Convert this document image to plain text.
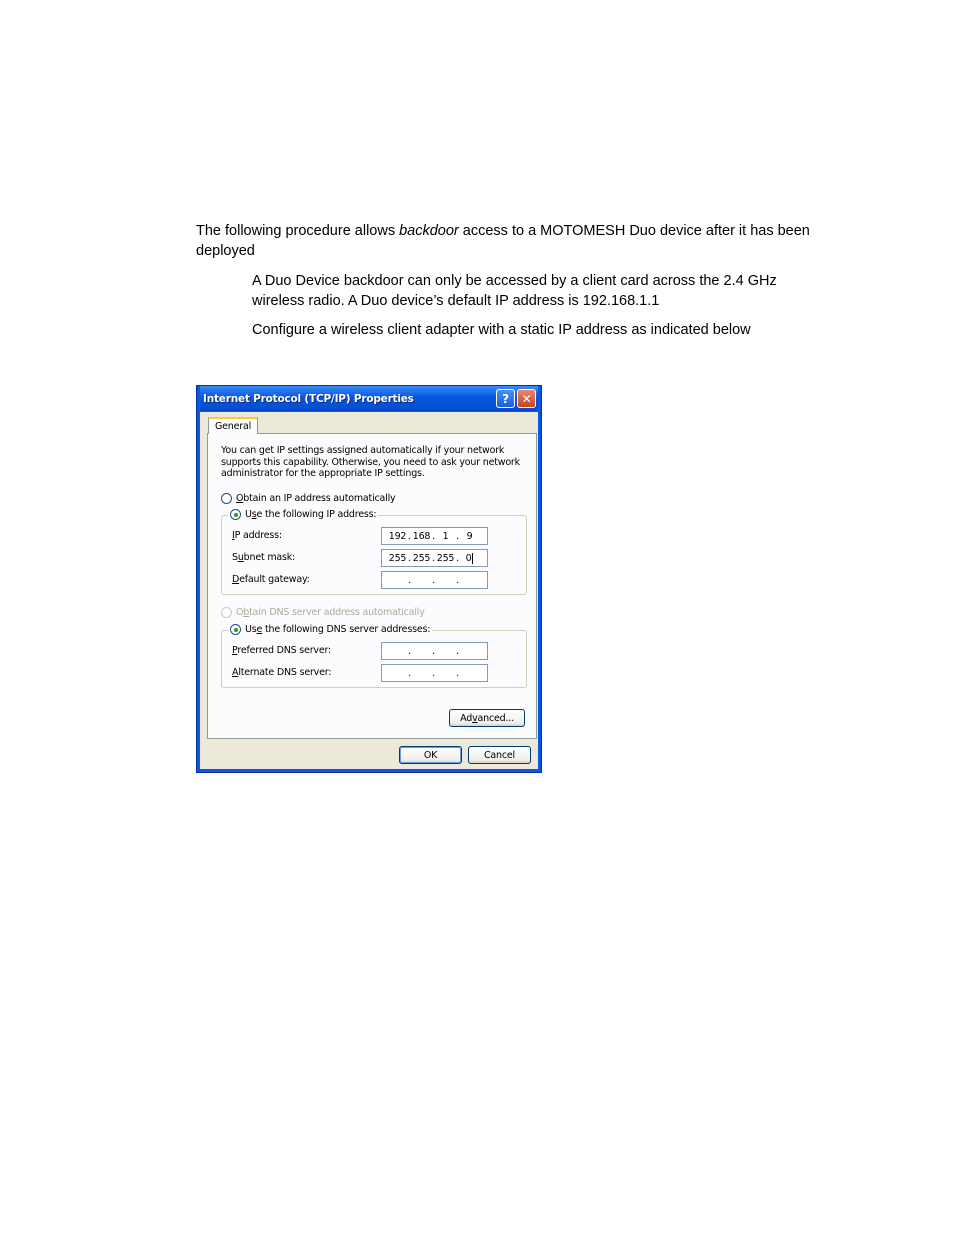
The following procedure allows backdoor access to a MOTOMESH Duo device after it has been deployed

A Duo Device backdoor can only be accessed by a client card across the 2.4 GHz wireless radio. A Duo device’s default IP address is 192.168.1.1

Configure a wireless client adapter with a static IP address as indicated below

Internet Protocol (TCP/IP) Properties	? ✕
General
You can get IP settings assigned automatically if your network supports this capability. Otherwise, you need to ask your network administrator for the appropriate IP settings.
Obtain an IP address automatically
Use the following IP address:
IP address:	192 . 168 . 1 . 9
Subnet mask:	255 . 255 . 255 . 0
Default gateway:	. . .
Obtain DNS server address automatically
Use the following DNS server addresses:
Preferred DNS server:	. . .
Alternate DNS server:	. . .
Advanced...
OK	Cancel
